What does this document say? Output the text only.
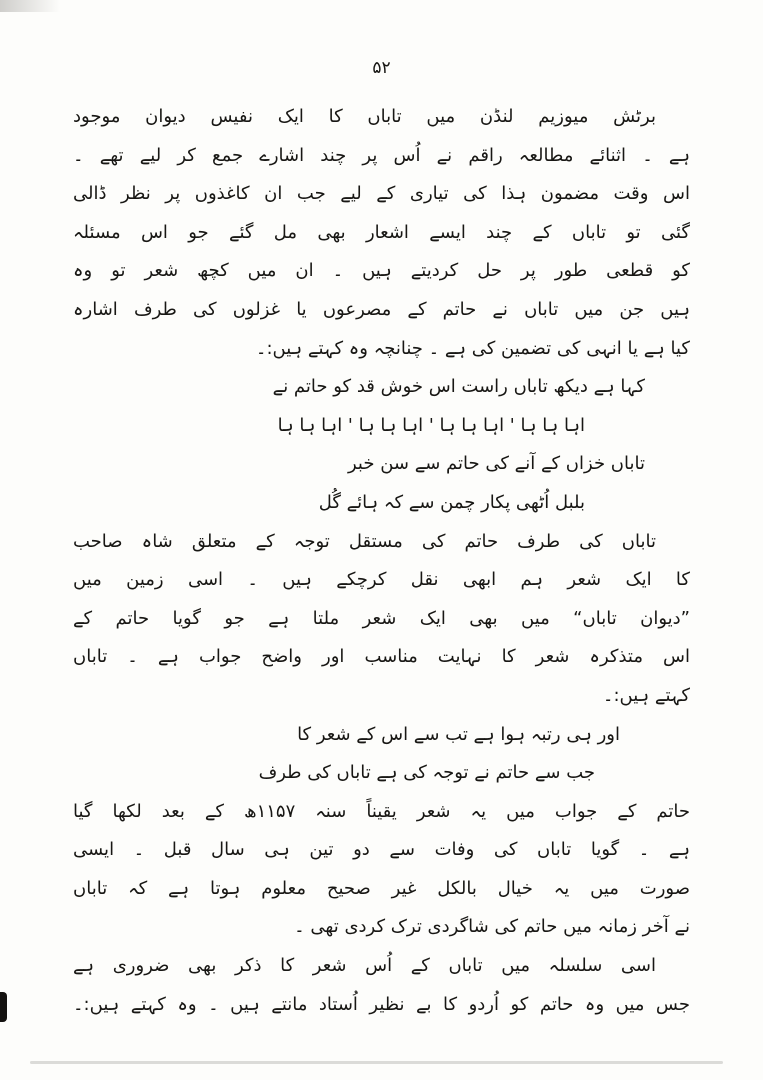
۵۲
برٹش میوزیم لنڈن میں تاباں کا ایک نفیس دیوان موجود
ہے ۔ اثنائے مطالعہ راقم نے اُس پر چند اشارے جمع کر لیے تھے ۔
اس وقت مضمون ہذا کی تیاری کے لیے جب ان کاغذوں پر نظر ڈالی
گئی تو تاباں کے چند ایسے اشعار بھی مل گئے جو اس مسئلہ
کو قطعی طور پر حل کردیتے ہیں ۔ ان میں کچھ شعر تو وہ
ہیں جن میں تاباں نے حاتم کے مصرعوں یا غزلوں کی طرف اشارہ
کیا ہے یا انہی کی تضمین کی ہے ۔ چنانچہ وہ کہتے ہیں:۔
کہا ہے دیکھ تاباں راست اس خوش قد کو حاتم نے
اہا ہا ہا ' اہا ہا ہا ' اہا ہا ہا ' اہا ہا ہا
تاباں خزاں کے آنے کی حاتم سے سن خبر
بلبل اُٹھی پکار چمن سے کہ ہائے گُل
تاباں کی طرف حاتم کی مستقل توجہ کے متعلق شاہ صاحب
کا ایک شعر ہم ابھی نقل کرچکے ہیں ۔ اسی زمین میں
”دیوان تاباں“ میں بھی ایک شعر ملتا ہے جو گویا حاتم کے
اس متذکرہ شعر کا نہایت مناسب اور واضح جواب ہے ۔ تاباں
کہتے ہیں:۔
اور ہی رتبہ ہوا ہے تب سے اس کے شعر کا
جب سے حاتم نے توجہ کی ہے تاباں کی طرف
حاتم کے جواب میں یہ شعر یقیناً سنہ ۱۱۵۷ھ کے بعد لکھا گیا
ہے ۔ گویا تاباں کی وفات سے دو تین ہی سال قبل ۔ ایسی
صورت میں یہ خیال بالکل غیر صحیح معلوم ہوتا ہے کہ تاباں
نے آخر زمانہ میں حاتم کی شاگردی ترک کردی تھی ۔
اسی سلسلہ میں تاباں کے اُس شعر کا ذکر بھی ضروری ہے
جس میں وہ حاتم کو اُردو کا بے نظیر اُستاد مانتے ہیں ۔ وہ کہتے ہیں:۔
